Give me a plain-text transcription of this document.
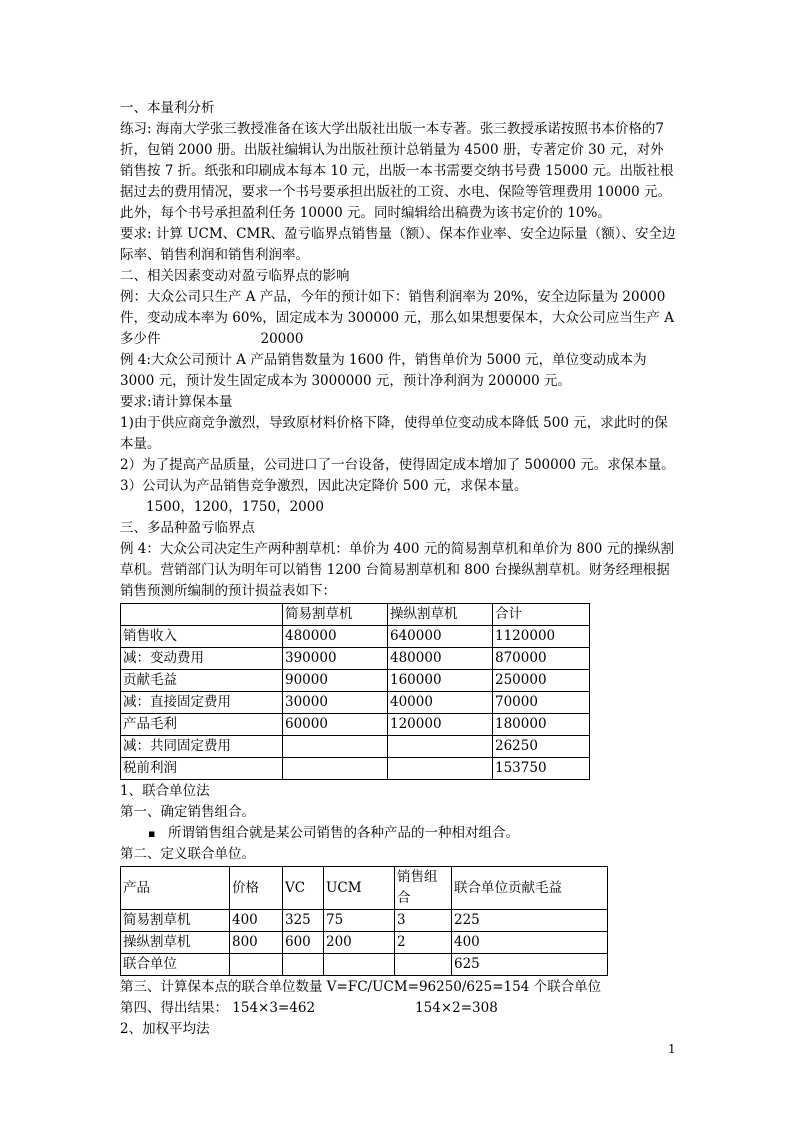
一、本量利分析

练习: 海南大学张三教授准备在该大学出版社出版一本专著。张三教授承诺按照书本价格的7折，包销 2000 册。出版社编辑认为出版社预计总销量为 4500 册，专著定价 30 元，对外销售按 7 折。纸张和印刷成本每本 10 元，出版一本书需要交纳书号费 15000 元。出版社根据过去的费用情况，要求一个书号要承担出版社的工资、水电、保险等管理费用 10000 元。此外，每个书号承担盈利任务 10000 元。同时编辑给出稿费为该书定价的 10%。

要求: 计算 UCM、CMR、盈亏临界点销售量（额）、保本作业率、安全边际量（额）、安全边际率、销售利润和销售利润率。

二、相关因素变动对盈亏临界点的影响

例：大众公司只生产 A 产品，今年的预计如下：销售利润率为 20%，安全边际量为 20000 件，变动成本率为 60%，固定成本为 300000 元，那么如果想要保本，大众公司应当生产 A 多少件	20000

例 4:大众公司预计 A 产品销售数量为 1600 件，销售单价为 5000 元，单位变动成本为 3000 元，预计发生固定成本为 3000000 元，预计净利润为 200000 元。

要求:请计算保本量

1)由于供应商竞争激烈，导致原材料价格下降，使得单位变动成本降低 500 元，求此时的保本量。

2）为了提高产品质量，公司进口了一台设备，使得固定成本增加了 500000 元。求保本量。

3）公司认为产品销售竞争激烈，因此决定降价 500 元，求保本量。

1500，1200，1750，2000

三、多品种盈亏临界点

例 4：大众公司决定生产两种割草机：单价为 400 元的简易割草机和单价为 800 元的操纵割草机。营销部门认为明年可以销售 1200 台简易割草机和 800 台操纵割草机。财务经理根据销售预测所编制的预计损益表如下：

	简易割草机	操纵割草机	合计
销售收入	480000	640000	1120000
减：变动费用	390000	480000	870000
贡献毛益	90000	160000	250000
减：直接固定费用	30000	40000	70000
产品毛利	60000	120000	180000
减：共同固定费用			26250
税前利润			153750

1、联合单位法

第一、确定销售组合。

▪ 所谓销售组合就是某公司销售的各种产品的一种相对组合。

第二、定义联合单位。

产品	价格	VC	UCM	销售组合	联合单位贡献毛益
简易割草机	400	325	75	3	225
操纵割草机	800	600	200	2	400
联合单位					625

第三、计算保本点的联合单位数量 V=FC/UCM=96250/625=154 个联合单位

第四、得出结果： 154×3=462	154×2=308

2、加权平均法

1
